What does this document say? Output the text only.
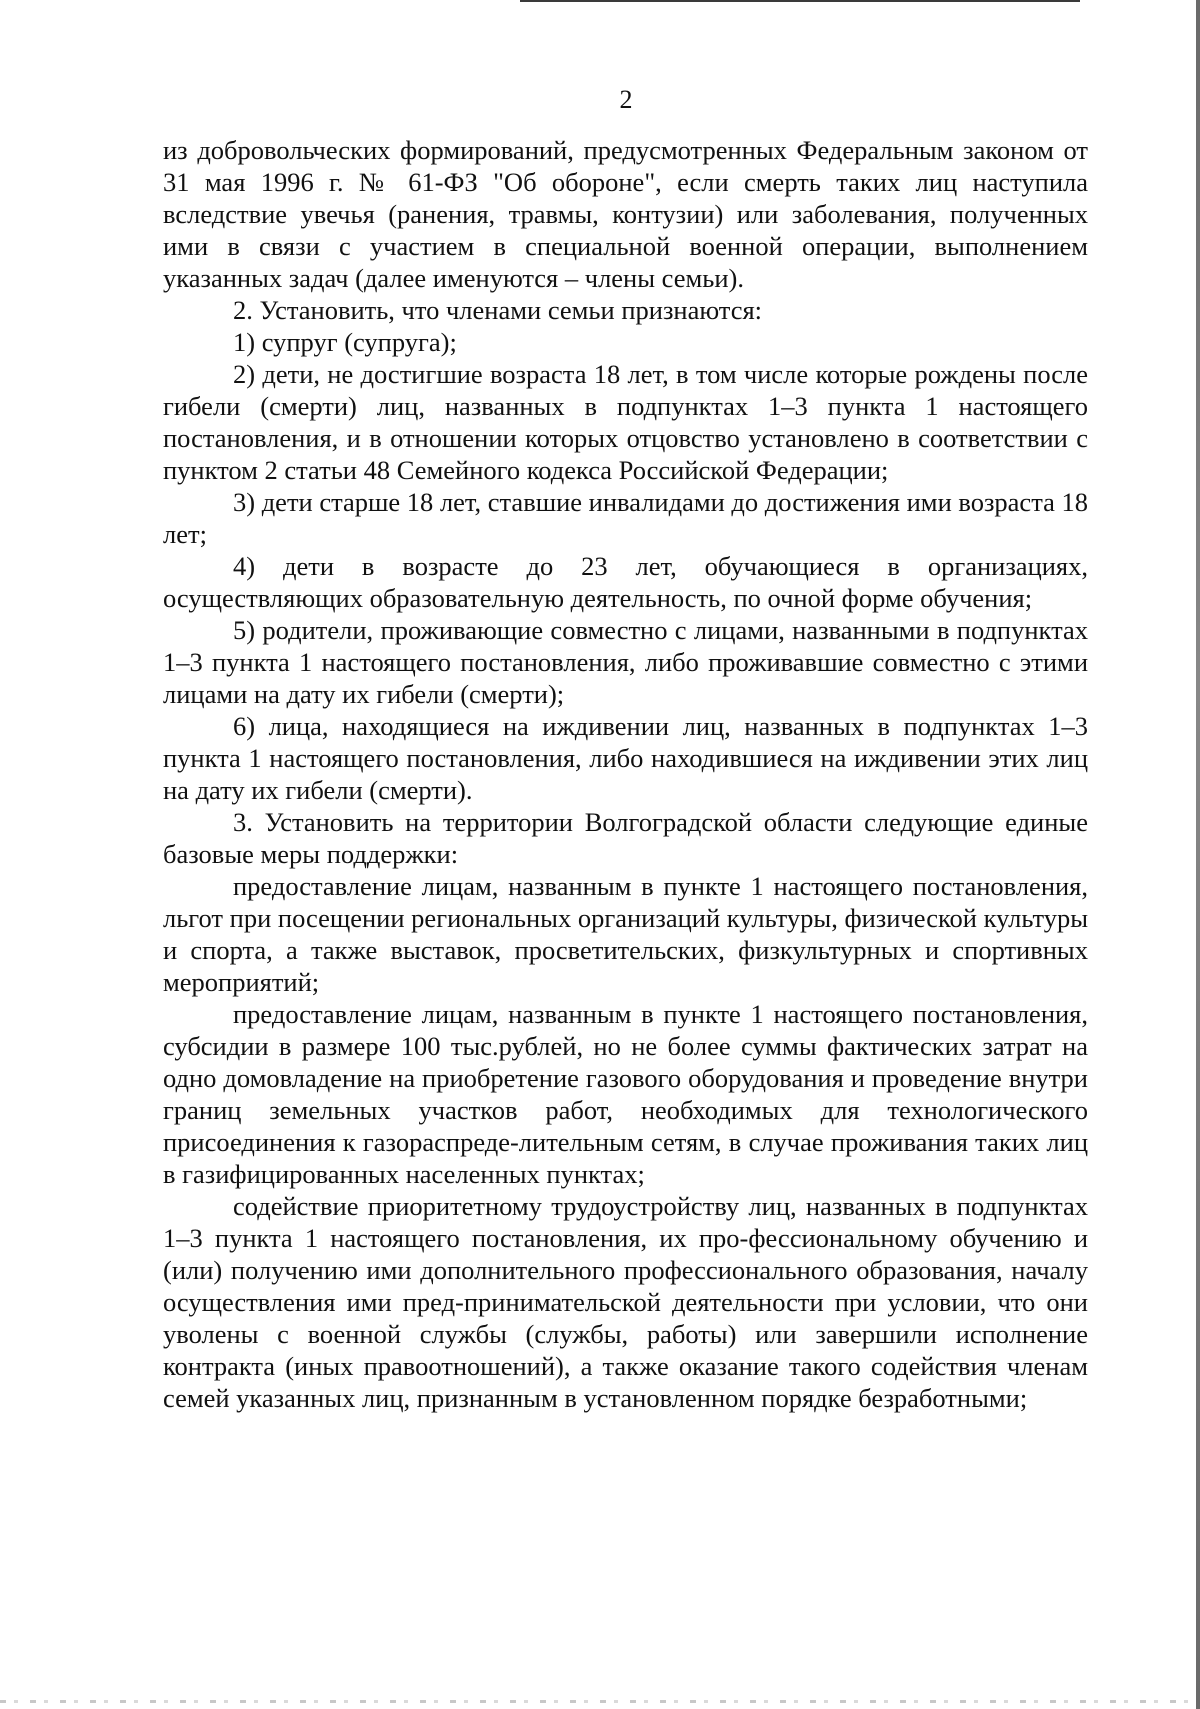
2

из добровольческих формирований, предусмотренных Федеральным законом от 31 мая 1996 г. № 61-ФЗ "Об обороне", если смерть таких лиц наступила вследствие увечья (ранения, травмы, контузии) или заболевания, полученных ими в связи с участием в специальной военной операции, выполнением указанных задач (далее именуются – члены семьи).

2. Установить, что членами семьи признаются:

1) супруг (супруга);

2) дети, не достигшие возраста 18 лет, в том числе которые рождены после гибели (смерти) лиц, названных в подпунктах 1–3 пункта 1 настоящего постановления, и в отношении которых отцовство установлено в соответствии с пунктом 2 статьи 48 Семейного кодекса Российской Федерации;

3) дети старше 18 лет, ставшие инвалидами до достижения ими возраста 18 лет;

4) дети в возрасте до 23 лет, обучающиеся в организациях, осуществляющих образовательную деятельность, по очной форме обучения;

5) родители, проживающие совместно с лицами, названными в подпунктах 1–3 пункта 1 настоящего постановления, либо проживавшие совместно с этими лицами на дату их гибели (смерти);

6) лица, находящиеся на иждивении лиц, названных в подпунктах 1–3 пункта 1 настоящего постановления, либо находившиеся на иждивении этих лиц на дату их гибели (смерти).

3. Установить на территории Волгоградской области следующие единые базовые меры поддержки:

предоставление лицам, названным в пункте 1 настоящего постановления, льгот при посещении региональных организаций культуры, физической культуры и спорта, а также выставок, просветительских, физкультурных и спортивных мероприятий;

предоставление лицам, названным в пункте 1 настоящего постановления, субсидии в размере 100 тыс.рублей, но не более суммы фактических затрат на одно домовладение на приобретение газового оборудования и проведение внутри границ земельных участков работ, необходимых для технологического присоединения к газораспреде-лительным сетям, в случае проживания таких лиц в газифицированных населенных пунктах;

содействие приоритетному трудоустройству лиц, названных в подпунктах 1–3 пункта 1 настоящего постановления, их про-фессиональному обучению и (или) получению ими дополнительного профессионального образования, началу осуществления ими пред-принимательской деятельности при условии, что они уволены с военной службы (службы, работы) или завершили исполнение контракта (иных правоотношений), а также оказание такого содействия членам семей указанных лиц, признанным в установленном порядке безработными;
